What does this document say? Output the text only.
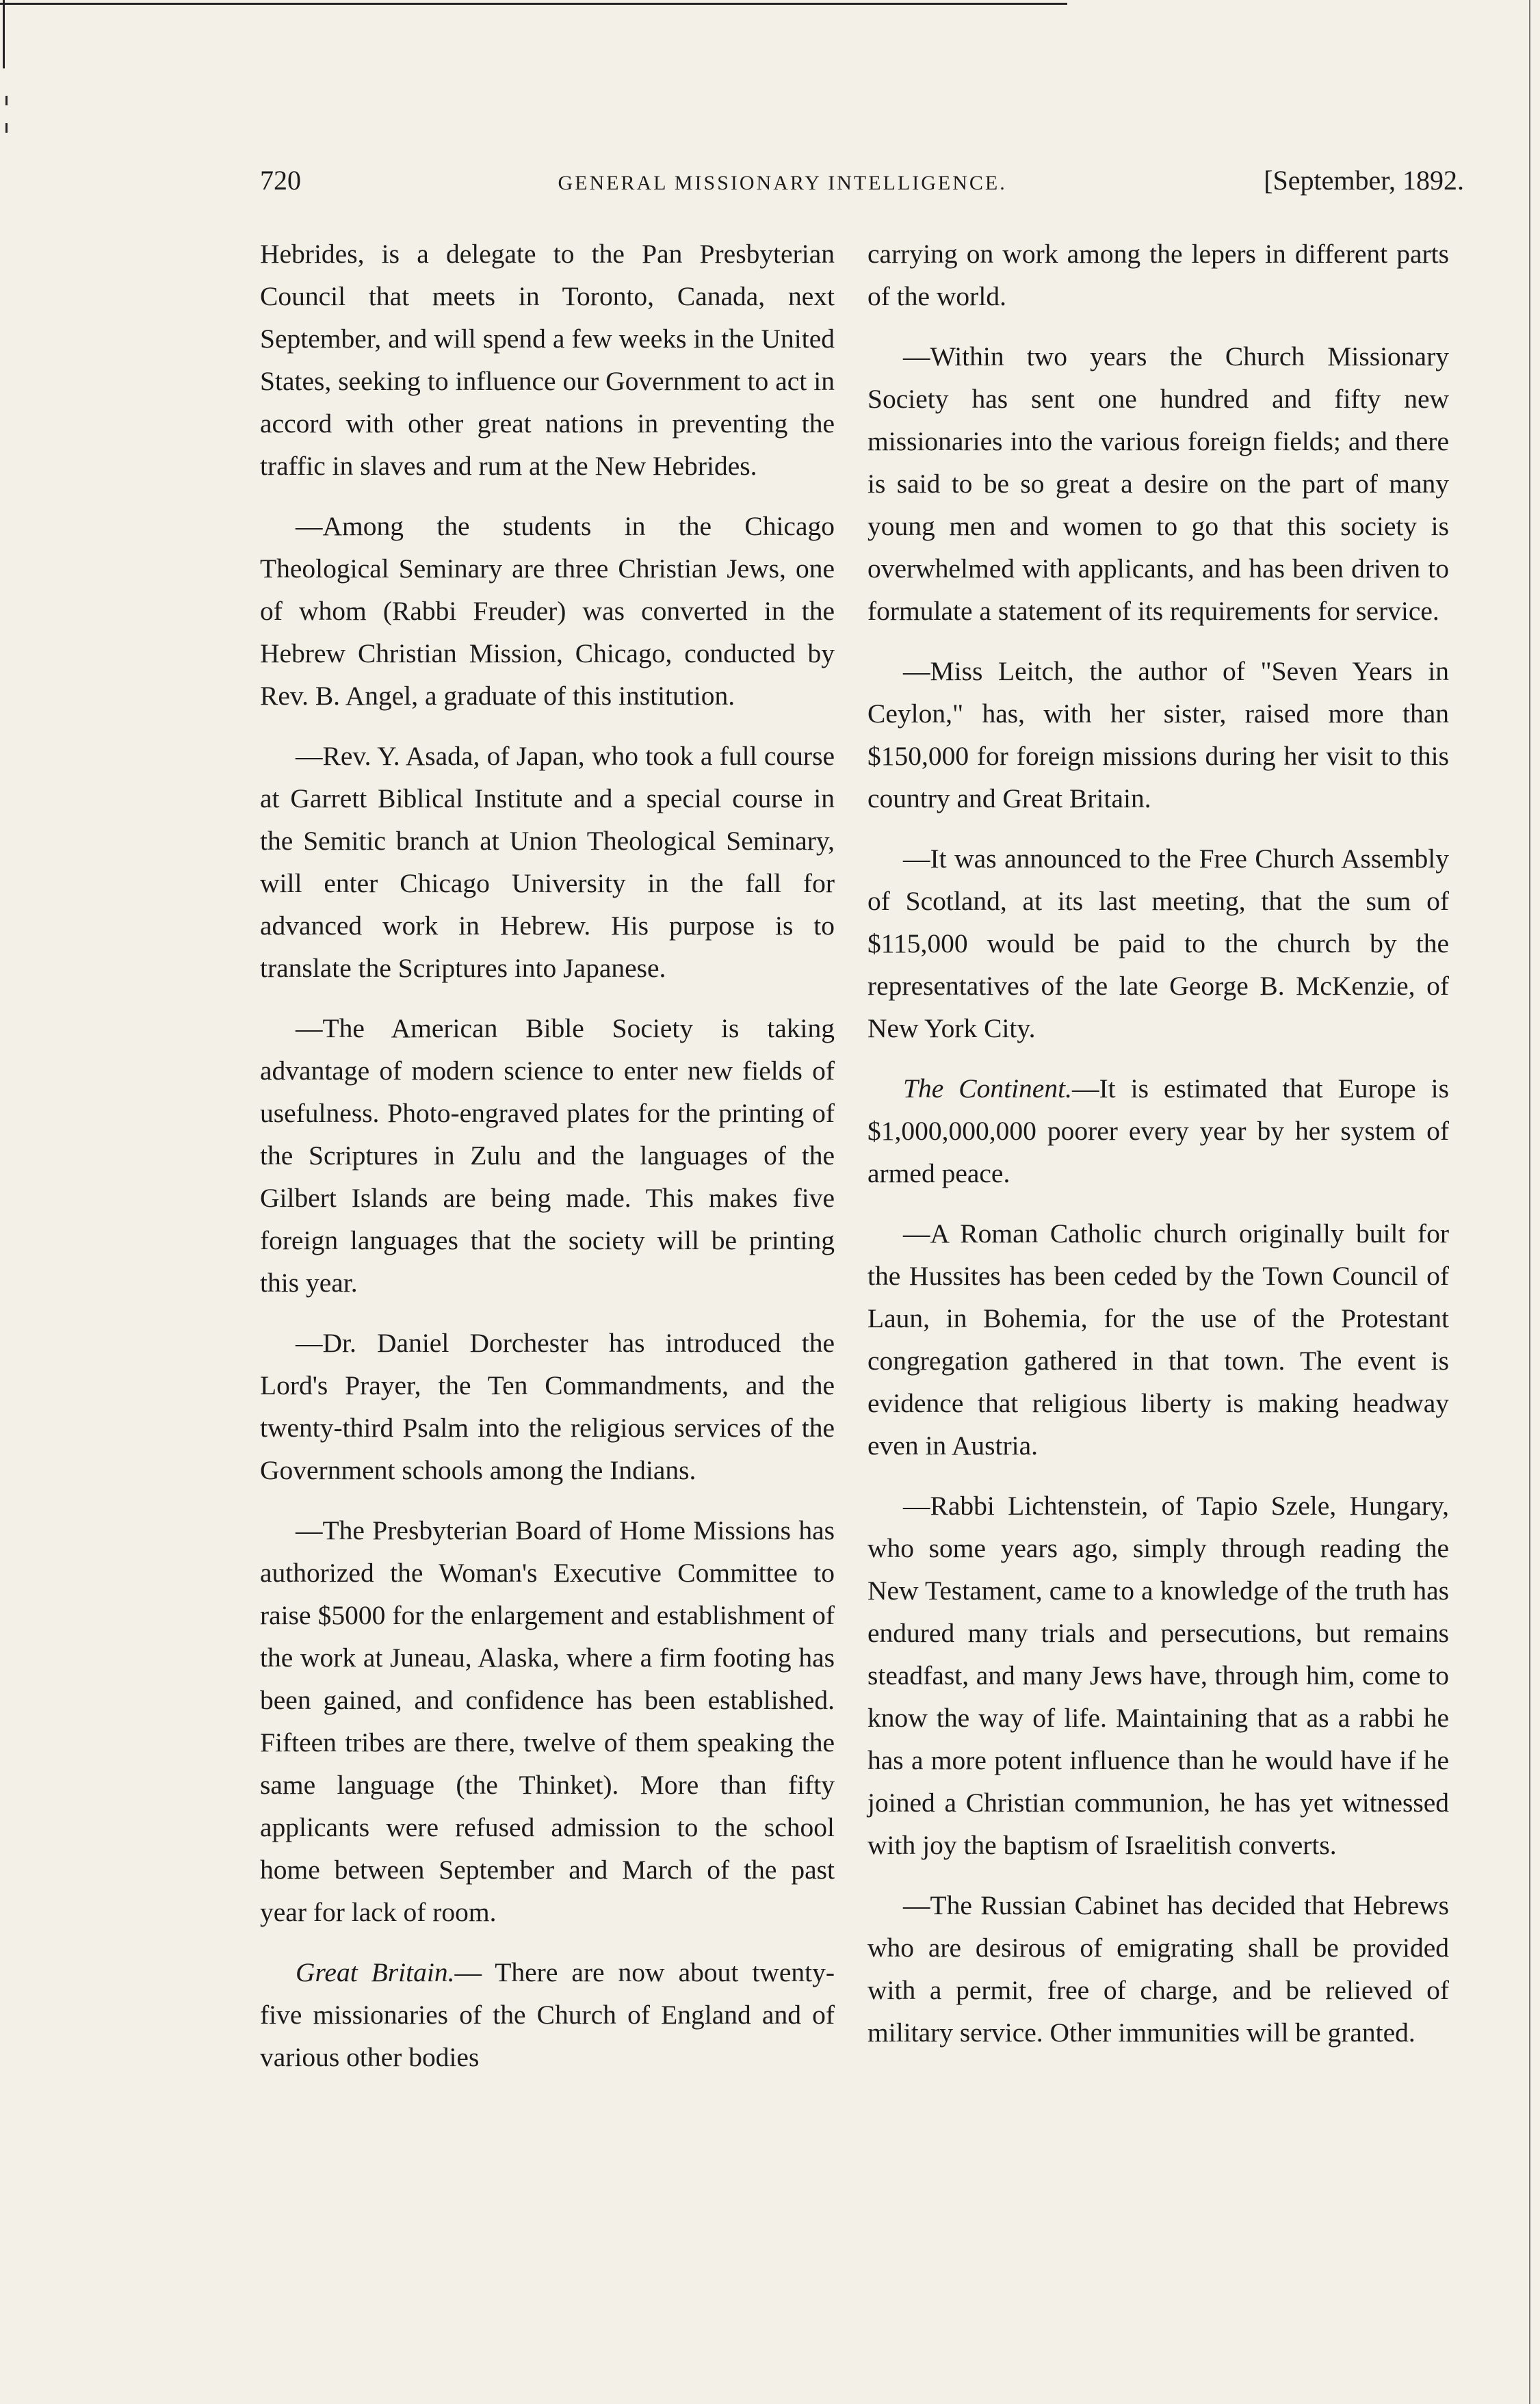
720	GENERAL MISSIONARY INTELLIGENCE.	[September, 1892.

Hebrides, is a delegate to the Pan Presbyterian Council that meets in Toronto, Canada, next September, and will spend a few weeks in the United States, seeking to influence our Government to act in accord with other great nations in preventing the traffic in slaves and rum at the New Hebrides.

—Among the students in the Chicago Theological Seminary are three Christian Jews, one of whom (Rabbi Freuder) was converted in the Hebrew Christian Mission, Chicago, conducted by Rev. B. Angel, a graduate of this institution.

—Rev. Y. Asada, of Japan, who took a full course at Garrett Biblical Institute and a special course in the Semitic branch at Union Theological Seminary, will enter Chicago University in the fall for advanced work in Hebrew. His purpose is to translate the Scriptures into Japanese.

—The American Bible Society is taking advantage of modern science to enter new fields of usefulness. Photo-engraved plates for the printing of the Scriptures in Zulu and the languages of the Gilbert Islands are being made. This makes five foreign languages that the society will be printing this year.

—Dr. Daniel Dorchester has introduced the Lord's Prayer, the Ten Commandments, and the twenty-third Psalm into the religious services of the Government schools among the Indians.

—The Presbyterian Board of Home Missions has authorized the Woman's Executive Committee to raise $5000 for the enlargement and establishment of the work at Juneau, Alaska, where a firm footing has been gained, and confidence has been established. Fifteen tribes are there, twelve of them speaking the same language (the Thinket). More than fifty applicants were refused admission to the school home between September and March of the past year for lack of room.

Great Britain.— There are now about twenty-five missionaries of the Church of England and of various other bodies

carrying on work among the lepers in different parts of the world.

—Within two years the Church Missionary Society has sent one hundred and fifty new missionaries into the various foreign fields; and there is said to be so great a desire on the part of many young men and women to go that this society is overwhelmed with applicants, and has been driven to formulate a statement of its requirements for service.

—Miss Leitch, the author of "Seven Years in Ceylon," has, with her sister, raised more than $150,000 for foreign missions during her visit to this country and Great Britain.

—It was announced to the Free Church Assembly of Scotland, at its last meeting, that the sum of $115,000 would be paid to the church by the representatives of the late George B. McKenzie, of New York City.

The Continent.—It is estimated that Europe is $1,000,000,000 poorer every year by her system of armed peace.

—A Roman Catholic church originally built for the Hussites has been ceded by the Town Council of Laun, in Bohemia, for the use of the Protestant congregation gathered in that town. The event is evidence that religious liberty is making headway even in Austria.

—Rabbi Lichtenstein, of Tapio Szele, Hungary, who some years ago, simply through reading the New Testament, came to a knowledge of the truth has endured many trials and persecutions, but remains steadfast, and many Jews have, through him, come to know the way of life. Maintaining that as a rabbi he has a more potent influence than he would have if he joined a Christian communion, he has yet witnessed with joy the baptism of Israelitish converts.

—The Russian Cabinet has decided that Hebrews who are desirous of emigrating shall be provided with a permit, free of charge, and be relieved of military service. Other immunities will be granted.
